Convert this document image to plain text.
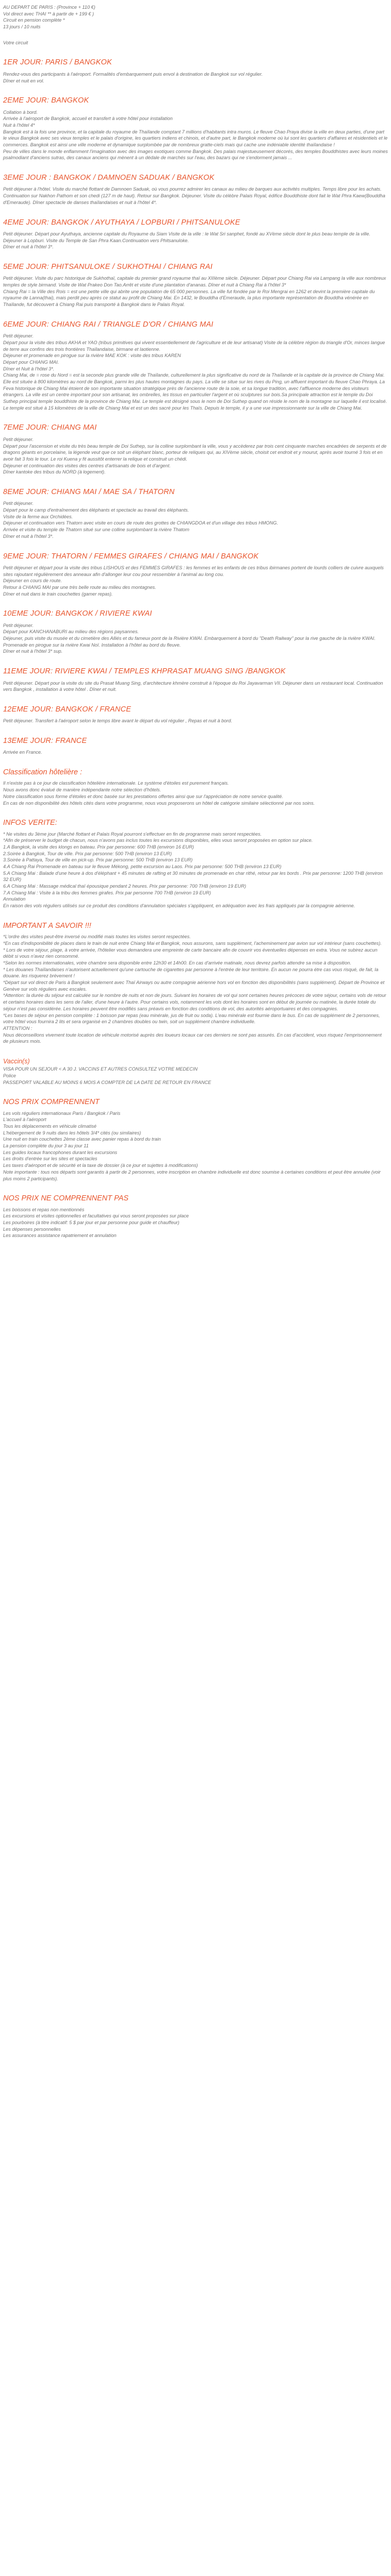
AU DEPART DE PARIS : (Province + 110 €)

Vol direct avec THAI ** à partir de + 199 € )

Circuit en pension complète *

13 jours / 10 nuits

Votre circuit

1ER JOUR: PARIS / BANGKOK

Rendez-vous des participants à l'aéroport. Formalités d'embarquement puis envol à destination de Bangkok sur vol régulier.

Dîner et nuit en vol.

2EME JOUR: BANGKOK

Collation à bord.

Arrivée à l'aéroport de Bangkok, accueil et transfert à votre hôtel pour installation

Nuit à l'hôtel 4*

Bangkok est à la fois une province, et la capitale du royaume de Thaïlande comptant 7 millions d'habitants intra muros. Le fleuve Chao Praya divise la ville en deux parties, d'une part le vieux Bangkok avec ses vieux temples et le palais d'origine, les quartiers indiens et chinois, et d'autre part, le Bangkok moderne où lui sont les quartiers d'affaires et résidentiels et le commerces. Bangkok est ainsi une ville moderne et dynamique surplombée par de nombreux gratte-ciels mais qui cache une indéniable identité thaïlandaise !

Peu de villes dans le monde enflamment l'imagination avec des images exotiques comme Bangkok. Des palais majestueusement décorés, des temples Bouddhistes avec leurs moines psalmodiant d'anciens sutras, des canaux anciens qui mènent à un dédale de marchés sur l'eau, des bazars qui ne s'endorment jamais ...

3EME JOUR : BANGKOK / DAMNOEN SADUAK / BANGKOK

Petit déjeuner à l'hôtel. Visite du marché flottant de Damnoen Saduak, où vous pourrez admirer les canaux au milieu de barques aux activités multiples. Temps libre pour les achats. Continuation sur Nakhon Pathom et son chedi (127 m de haut). Retour sur Bangkok. Déjeuner. Visite du célèbre Palais Royal, édifice Bouddhiste dont fait le Wat Phra Kaew(Bouddha d'Emeraude). Dîner spectacle de danses thaïlandaises et nuit à l'hôtel 4*.

4EME JOUR: BANGKOK / AYUTHAYA / LOPBURI / PHITSANULOKE

Petit déjeuner. Départ pour Ayuthaya, ancienne capitale du Royaume du Siam Visite de la ville : le Wat Sri sanphet, fondé au XVème siècle dont le plus beau temple de la ville.

Déjeuner à Lopburi. Visite du Temple de San Phra Kaan.Continuation vers Phitsanuloke.

Dîner et nuit à l'hôtel 3*.

5EME JOUR: PHITSANULOKE / SUKHOTHAI / CHIANG RAI

Petit déjeuner. Visite du parc historique de Sukhothaï, capitale du premier grand royaume thaï au XIIIème siècle. Déjeuner. Départ pour Chiang Rai via Lampang la ville aux nombreux temples de style birmand. Visite de Wat Prakeo Don Tao.Arrêt et visite d'une plantation d'ananas. Dîner et nuit à Chiang Rai à l'hôtel 3*

Chiang Rai = la Ville des Rois = est une petite ville qui abrite une population de 65 000 personnes. La ville fut fondée par le Roi Mengrai en 1262 et devint la première capitale du royaume de Lanna(thai), mais perdit peu après ce statut au profit de Chiang Mai. En 1432, le Bouddha d'Emeraude, la plus importante représentation de Bouddha vénérée en Thaïlande, fut découvert à Chiang Rai puis transporté à Bangkok dans le Palais Royal.

6EME JOUR: CHIANG RAI / TRIANGLE D'OR / CHIANG MAI

Petit déjeuner.

Départ pour la visite des tribus AKHA et YAO (tribus primitives qui vivent essentiellement de l'agriculture et de leur artisanat) Visite de la célèbre région du triangle d'Or, minces langue de terre aux confins des trois frontières Thaïlandaise, birmane et laotienne.

Déjeuner et promenade en pirogue sur la rivière MAE KOK : visite des tribus KAREN

Départ pour CHIANG MAI.

Dîner et Nuit à l'hôtel 3*.

Chiang Mai, de = rose du Nord = est la seconde plus grande ville de Thaïlande, culturellement la plus significative du nord de la Thaïlande et la capitale de la province de Chiang Mai. Elle est située à 800 kilomètres au nord de Bangkok, parmi les plus hautes montagnes du pays. La ville se situe sur les rives du Ping, un affluent important du fleuve Chao Phraya. La Feva historique de Chiang Mai étoient de son importante situation stratégique près de l'ancienne route de la soie, et sa longue tradition, avec l'affluence moderne des visiteurs étrangers. La ville est un centre important pour son artisanat, les ombrelles, les tissus en particulier l'argent et où sculptures sur bois.Sa principale attraction est le temple du Doi Suthep principal temple bouddhiste de la province de Chiang Mai. Le temple est désigné sous le nom de Doi Suthep quand on réside le nom de la montagne sur laquelle il est localisé. Le temple est situé à 15 kilomètres de la ville de Chiang Mai et est un des sacré pour les Thaïs. Depuis le temple, il y a une vue impressionnante sur la ville de Chiang Mai.

7EME JOUR: CHIANG MAI

Petit déjeuner.

Départ pour l'ascension et visite du très beau temple de Doi Suthep, sur la colline surplombant la ville, vous y accèderez par trois cent cinquante marches encadrées de serpents et de dragons géants en porcelaine, la légende veut que ce soit un éléphant blanc, porteur de reliques qui, au XIVème siècle, choisit cet endroit et y mourut, après avoir tourné 3 fois et en avoir fait 3 fois le tour. Le roi Kuena y fit aussitôt enterrer la relique et construit un chédi.

Déjeuner et continuation des visites des centres d'artisanats de bois et d'argent.

Dîner kantoke des tribus du NORD (à logement).

8EME JOUR: CHIANG MAI / MAE SA / THATORN

Petit déjeuner.

Départ pour le camp d'entraînement des éléphants et spectacle au travail des éléphants.

Visite de la ferme aux Orchidées.

Déjeuner et continuation vers Thatorn avec visite en cours de route des grottes de CHIANGDOA et d'un village des tribus HMONG.

Arrivée et visite du temple de Thatorn situé sur une colline surplombant la rivière Thatorn

Dîner et nuit à l'hôtel 3*.

9EME JOUR: THATORN / FEMMES GIRAFES / CHIANG MAI / BANGKOK

Petit déjeuner et départ pour la visite des tribus LISHOUS et des FEMMES GIRAFES : les femmes et les enfants de ces tribus ibirmanes portent de lourds colliers de cuivre auxquels sites rajoutant régulièrement des anneaux afin d'allonger leur cou pour ressembler à l'animal au long cou.

Déjeuner en cours de route.

Retour à CHIANG MAI par une très belle route au milieu des montagnes.

Dîner et nuit dans le train couchettes (gamer repas).

10EME JOUR: BANGKOK / RIVIERE KWAI

Petit déjeuner.

Départ pour KANCHANABURI au milieu des régions paysannes.

Déjeuner, puis visite du musée et du cimetière des Alliés et du fameux pont de la Rivière KWAI. Embarquement à bord du "Death Railway" pour la rive gauche de la rivière KWAI. Promenade en pirogue sur la rivière Kwai Noï. Installation à l'hôtel au bord du fleuve.

Dîner et nuit à l'hôtel 3* sup.

11EME JOUR: RIVIERE KWAI / TEMPLES KHPRASAT MUANG SING /BANGKOK

Petit déjeuner. Départ pour la visite du site du Prasat Muang Sing, d'architecture khmère construit à l'époque du Roi Jayavarman VII. Déjeuner dans un restaurant local. Continuation vers Bangkok , installation à votre hôtel . Dîner et nuit.

12EME JOUR: BANGKOK / FRANCE

Petit déjeuner. Transfert à l'aéroport selon le temps libre avant le départ du vol régulier , Repas et nuit à bord.

13EME JOUR: FRANCE

Arrivée en France.

Classification hôtelière :

Il n'existe pas à ce jour de classification hôtelière internationale. Le système d'étoiles est purement français.

Nous avons donc évalué de manière indépendante notre sélection d'hôtels.

Notre classification sous forme d'étoiles et donc basée sur les prestations offertes ainsi que sur l'appréciation de notre service qualité.

En cas de non disponibilité des hôtels cités dans votre programme, nous vous proposerons un hôtel de catégorie similaire sélectionné par nos soins.

INFOS VERITE:

* Ne visites du 3ème jour (Marché flottant et Palais Royal pourront s'effectuer en fin de programme mais seront respectées.

*Afin de préserver le budget de chacun, nous n'avons pas inclus toutes les excursions disponibles, elles vous seront proposées en option sur place.

1.A Bangkok, la visite des klongs en bateau. Prix par personne: 600 THB (environ 16 EUR)

2.Soirée à Bangkok, Tour de ville. Prix par personne: 500 THB (environ 13 EUR)

3.Soirée à Pattaya, Tour de ville en pick-up. Prix par personne: 500 THB (environ 13 EUR)

4.A Chiang Rai Promenade en bateau sur le fleuve Mékong, petite excursion au Laos. Prix par personne: 500 THB (environ 13 EUR)

5.A Chiang Mai : Balade d'une heure à dos d'éléphant + 45 minutes de rafting et 30 minutes de promenade en char rithé, retour par les bords . Prix par personne: 1200 THB (environ 32 EUR)

6.A Chiang Mai : Massage médical thaï épousique pendant 2 heures. Prix par personne: 700 THB (environ 19 EUR)

7.A Chiang Mai : Visite à la tribu des femmes girafes. Prix par personne 700 THB (environ 19 EUR)

Annulation

En raison des vols réguliers utilisés sur ce produit des conditions d'annulation spéciales s'appliquent, en adéquation avec les frais appliqués par la compagnie aérienne.

IMPORTANT A SAVOIR !!!

*L'ordre des visites peut-être inversé ou modifié mais toutes les visites seront respectées.

*En cas d'indisponibilité de places dans le train de nuit entre Chiang Mai et Bangkok, nous assurons, sans supplément, l'acheminement par avion sur vol intérieur (sans couchettes).

* Lors de votre séjour, plage, à votre arrivée, l'hôtelier vous demandera une empreinte de carte bancaire afin de couvrir vos éventuelles dépenses en extra. Vous ne subirez aucun débit si vous n'avez rien consommé.

*Selon les normes internationales, votre chambre sera disponible entre 12h30 et 14h00. En cas d'arrivée matinale, nous devrez parfois attendre sa mise à disposition.

* Les douanes Thaïlandaises n'autorisent actuellement qu'une cartouche de cigarettes par personne à l'entrée de leur territoire. En aucun ne pourra étre cas vous risqué, de fait, la douane. les risquerez brèvement !

*Départ sur vol direct de Paris à Bangkok seulement avec Thaï Airways ou autre compagnie aérienne hors vol en fonction des disponibilités (sans supplément). Départ de Province et Genève sur vols réguliers avec escales.

*Attention: la durée du séjour est calculée sur le nombre de nuits et non de jours. Suivant les horaires de vol qui sont certaines heures précoces de votre séjour, certains vols de retour et certains horaires dans les sens de l'aller, d'une heure à l'autre. Pour certains vols, notamment les vols dont les horaires sont en début de journée ou matinée, la durée totale du séjour n'est pas considérée. Les horaires peuvent être modifiés sans préavis en fonction des conditions de vol, des autorités aéroportuaires et des compagnies.

*Les bases de séjour en pension complète : 1 boisson par repas (eau minérale, jus de fruit ou soda). L'eau minérale est fournie dans le bus. En cas de supplément de 2 personnes, votre hôtel vous fournira 2 lits et sera organisé en 2 chambres doubles ou twin, soit un supplément chambre individuelle.

ATTENTION :

Nous déconseillons vivement toute location de véhicule motorisé auprès des loueurs locaux car ces derniers ne sont pas assurés. En cas d'accident, vous risquez l'emprisonnement de plusieurs mois.

Vaccin(s)

VISA POUR UN SEJOUR < A 30 J. VACCINS ET AUTRES CONSULTEZ VOTRE MEDECIN

Police

PASSEPORT VALABLE AU MOINS 6 MOIS A COMPTER DE LA DATE DE RETOUR EN FRANCE

NOS PRIX COMPRENNENT
Les vols réguliers internationaux Paris / Bangkok / Paris
L'accueil à l'aéroport
Tous les déplacements en véhicule climatisé
L'hébergement de 9 nuits dans les hôtels 3/4* cités (ou similaires)
Une nuit en train couchettes 2ème classe avec panier repas à bord du train
La pension complète du jour 3 au jour 11
Les guides locaux francophones durant les excursions
Les droits d'entrée sur les sites et spectacles
Les taxes d'aéroport et de sécurité et la taxe de dossier (à ce jour et sujettes à modifications)
Note importante : tous nos départs sont garantis à partir de 2 personnes, votre inscription en chambre individuelle est donc soumise à certaines conditions et peut être annulée (voir plus moins 2 participants).
NOS PRIX NE COMPRENNENT PAS
Les boissons et repas non mentionnés
Les excursions et visites optionnelles et facultatives qui vous seront proposées sur place
Les pourboires (à titre indicatif: 5 $ par jour et par personne pour guide et chauffeur)
Les dépenses personnelles
Les assurances assistance rapatriement et annulation
